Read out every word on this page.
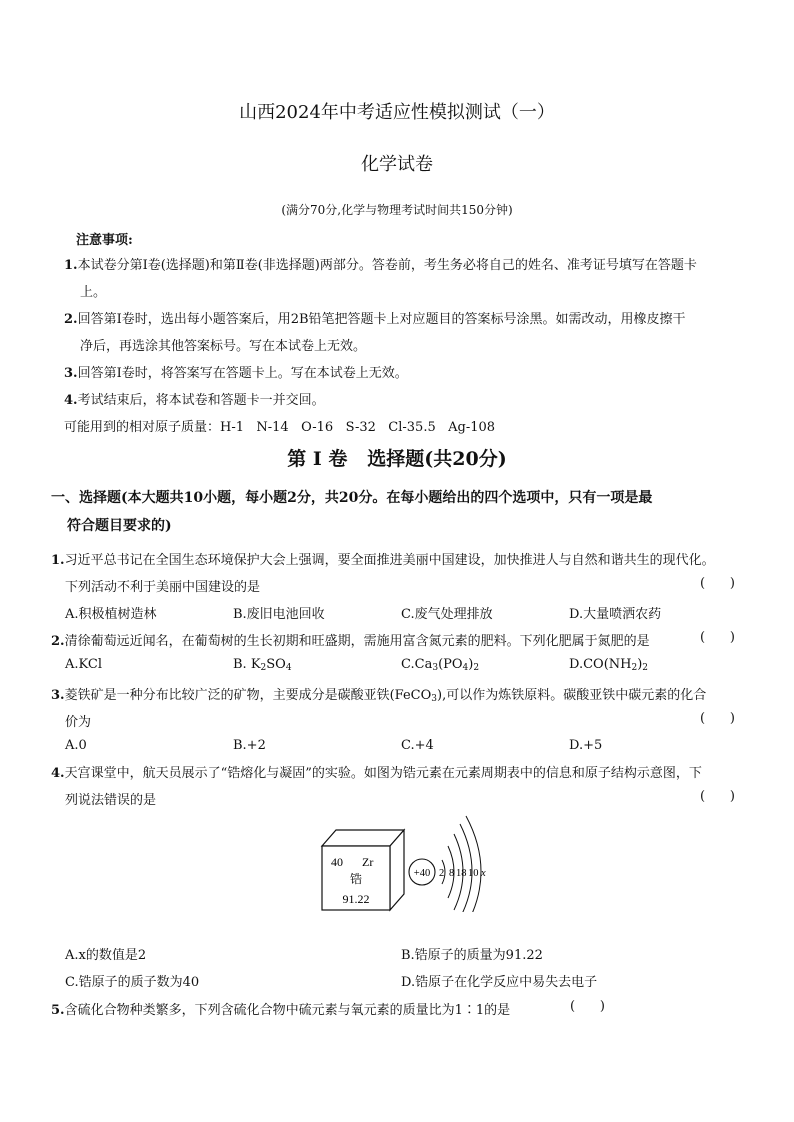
山西2024年中考适应性模拟测试（一）
化学试卷
(满分70分,化学与物理考试时间共150分钟)
注意事项:
1.本试卷分第Ⅰ卷(选择题)和第Ⅱ卷(非选择题)两部分。答卷前，考生务必将自己的姓名、准考证号填写在答题卡
上。
2.回答第Ⅰ卷时，选出每小题答案后，用2B铅笔把答题卡上对应题目的答案标号涂黑。如需改动，用橡皮擦干
净后，再选涂其他答案标号。写在本试卷上无效。
3.回答第Ⅰ卷时，将答案写在答题卡上。写在本试卷上无效。
4.考试结束后，将本试卷和答题卡一并交回。
可能用到的相对原子质量：H-1   N-14   O-16   S-32   Cl-35.5   Ag-108
第 I 卷   选择题(共20分)
一、选择题(本大题共10小题，每小题2分，共20分。在每小题给出的四个选项中，只有一项是最
符合题目要求的)
1.习近平总书记在全国生态环境保护大会上强调，要全面推进美丽中国建设，加快推进人与自然和谐共生的现代化。
下列活动不利于美丽中国建设的是	(      )
A.积极植树造林	B.废旧电池回收	C.废气处理排放	D.大量喷洒农药
2.清徐葡萄远近闻名，在葡萄树的生长初期和旺盛期，需施用富含氮元素的肥料。下列化肥属于氮肥的是	(      )
A.KCl	B. $K_2SO_4$	$C.Ca_3(PO_4)_2$	$D.CO(NH_2)_2$
3.菱铁矿是一种分布比较广泛的矿物，主要成分是碳酸亚铁(FeCO$_3$),可以作为炼铁原料。碳酸亚铁中碳元素的化合
价为	(      )
A.0	B.+2	C.+4	D.+5
4.天宫课堂中，航天员展示了“锆熔化与凝固”的实验。如图为锆元素在元素周期表中的信息和原子结构示意图，下
列说法错误的是	(      )
40 Zr
锆
91.22
+40 2 8 18 10 x
A.x的数值是2	B.锆原子的质量为91.22
C.锆原子的质子数为40	D.锆原子在化学反应中易失去电子
5.含硫化合物种类繁多，下列含硫化合物中硫元素与氧元素的质量比为1∶1的是	(      )
